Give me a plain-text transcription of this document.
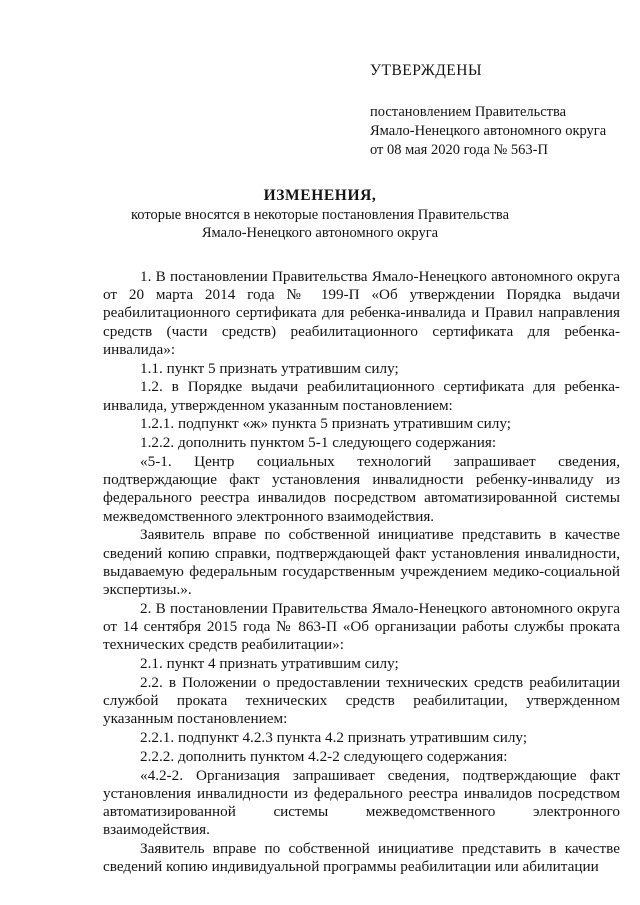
УТВЕРЖДЕНЫ
постановлением Правительства
Ямало-Ненецкого автономного округа
от 08 мая 2020 года № 563-П
ИЗМЕНЕНИЯ,
которые вносятся в некоторые постановления Правительства
Ямало-Ненецкого автономного округа

1. В постановлении Правительства Ямало-Ненецкого автономного округа от 20 марта 2014 года № 199-П «Об утверждении Порядка выдачи реабилитационного сертификата для ребенка-инвалида и Правил направления средств (части средств) реабилитационного сертификата для ребенка-инвалида»:

1.1. пункт 5 признать утратившим силу;

1.2. в Порядке выдачи реабилитационного сертификата для ребенка-инвалида, утвержденном указанным постановлением:

1.2.1. подпункт «ж» пункта 5 признать утратившим силу;

1.2.2. дополнить пунктом 5-1 следующего содержания:

«5-1. Центр социальных технологий запрашивает сведения, подтверждающие факт установления инвалидности ребенку-инвалиду из федерального реестра инвалидов посредством автоматизированной системы межведомственного электронного взаимодействия.

Заявитель вправе по собственной инициативе представить в качестве сведений копию справки, подтверждающей факт установления инвалидности, выдаваемую федеральным государственным учреждением медико-социальной экспертизы.».

2. В постановлении Правительства Ямало-Ненецкого автономного округа от 14 сентября 2015 года № 863-П «Об организации работы службы проката технических средств реабилитации»:

2.1. пункт 4 признать утратившим силу;

2.2. в Положении о предоставлении технических средств реабилитации службой проката технических средств реабилитации, утвержденном указанным постановлением:

2.2.1. подпункт 4.2.3 пункта 4.2 признать утратившим силу;

2.2.2. дополнить пунктом 4.2-2 следующего содержания:

«4.2-2. Организация запрашивает сведения, подтверждающие факт установления инвалидности из федерального реестра инвалидов посредством автоматизированной системы межведомственного электронного взаимодействия.

Заявитель вправе по собственной инициативе представить в качестве сведений копию индивидуальной программы реабилитации или абилитации
